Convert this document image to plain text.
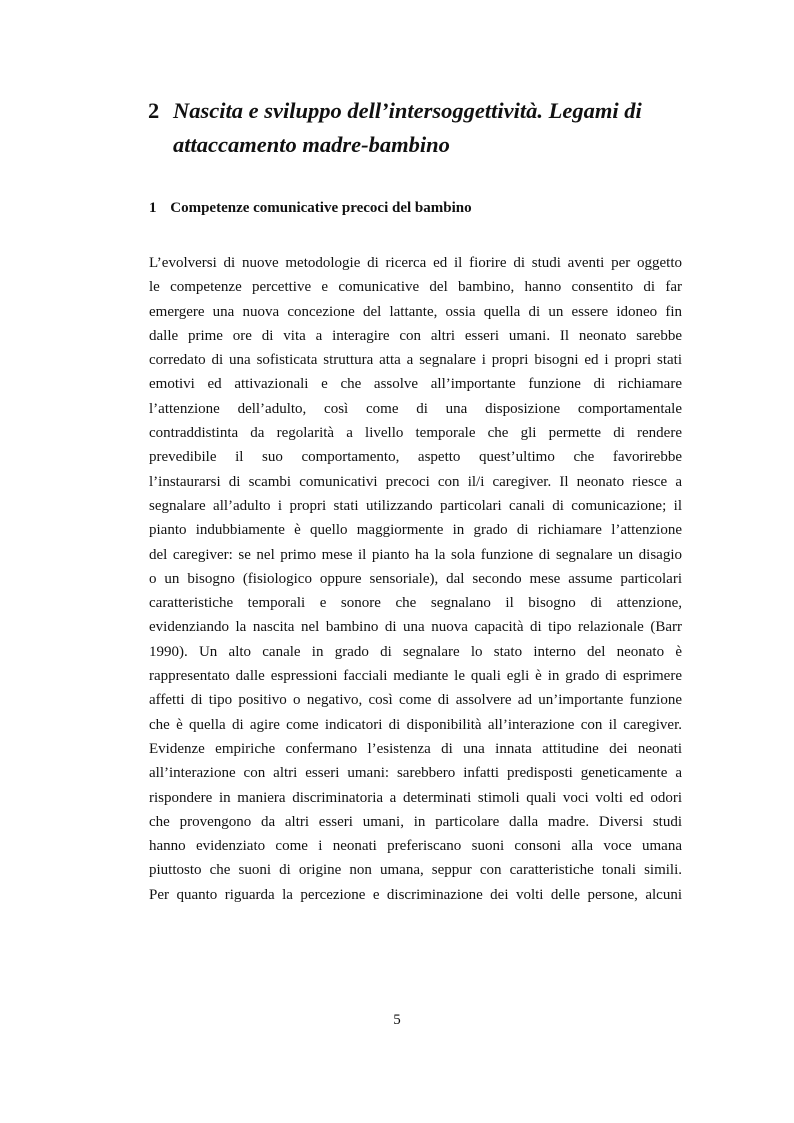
2 Nascita e sviluppo dell’intersoggettività. Legami di attaccamento madre-bambino
1 Competenze comunicative precoci del bambino
L’evolversi di nuove metodologie di ricerca ed il fiorire di studi aventi per oggetto
le competenze percettive e comunicative del bambino, hanno consentito di far
emergere una nuova concezione del lattante, ossia quella di un essere idoneo fin
dalle prime ore di vita a interagire con altri esseri umani. Il neonato sarebbe
corredato di una sofisticata struttura atta a segnalare i propri bisogni ed i propri stati
emotivi ed attivazionali e che assolve all’importante funzione di richiamare
l’attenzione dell’adulto, così come di una disposizione comportamentale
contraddistinta da regolarità a livello temporale che gli permette di rendere
prevedibile il suo comportamento, aspetto quest’ultimo che favorirebbe
l’instaurarsi di scambi comunicativi precoci con il/i caregiver. Il neonato riesce a
segnalare all’adulto i propri stati utilizzando particolari canali di comunicazione; il
pianto indubbiamente è quello maggiormente in grado di richiamare l’attenzione
del caregiver: se nel primo mese il pianto ha la sola funzione di segnalare un disagio
o un bisogno (fisiologico oppure sensoriale), dal secondo mese assume particolari
caratteristiche temporali e sonore che segnalano il bisogno di attenzione,
evidenziando la nascita nel bambino di una nuova capacità di tipo relazionale (Barr
1990). Un alto canale in grado di segnalare lo stato interno del neonato è
rappresentato dalle espressioni facciali mediante le quali egli è in grado di esprimere
affetti di tipo positivo o negativo, così come di assolvere ad un’importante funzione
che è quella di agire come indicatori di disponibilità all’interazione con il caregiver.
Evidenze empiriche confermano l’esistenza di una innata attitudine dei neonati
all’interazione con altri esseri umani: sarebbero infatti predisposti geneticamente a
rispondere in maniera discriminatoria a determinati stimoli quali voci volti ed odori
che provengono da altri esseri umani, in particolare dalla madre. Diversi studi
hanno evidenziato come i neonati preferiscano suoni consoni alla voce umana
piuttosto che suoni di origine non umana, seppur con caratteristiche tonali simili.
Per quanto riguarda la percezione e discriminazione dei volti delle persone, alcuni
5
